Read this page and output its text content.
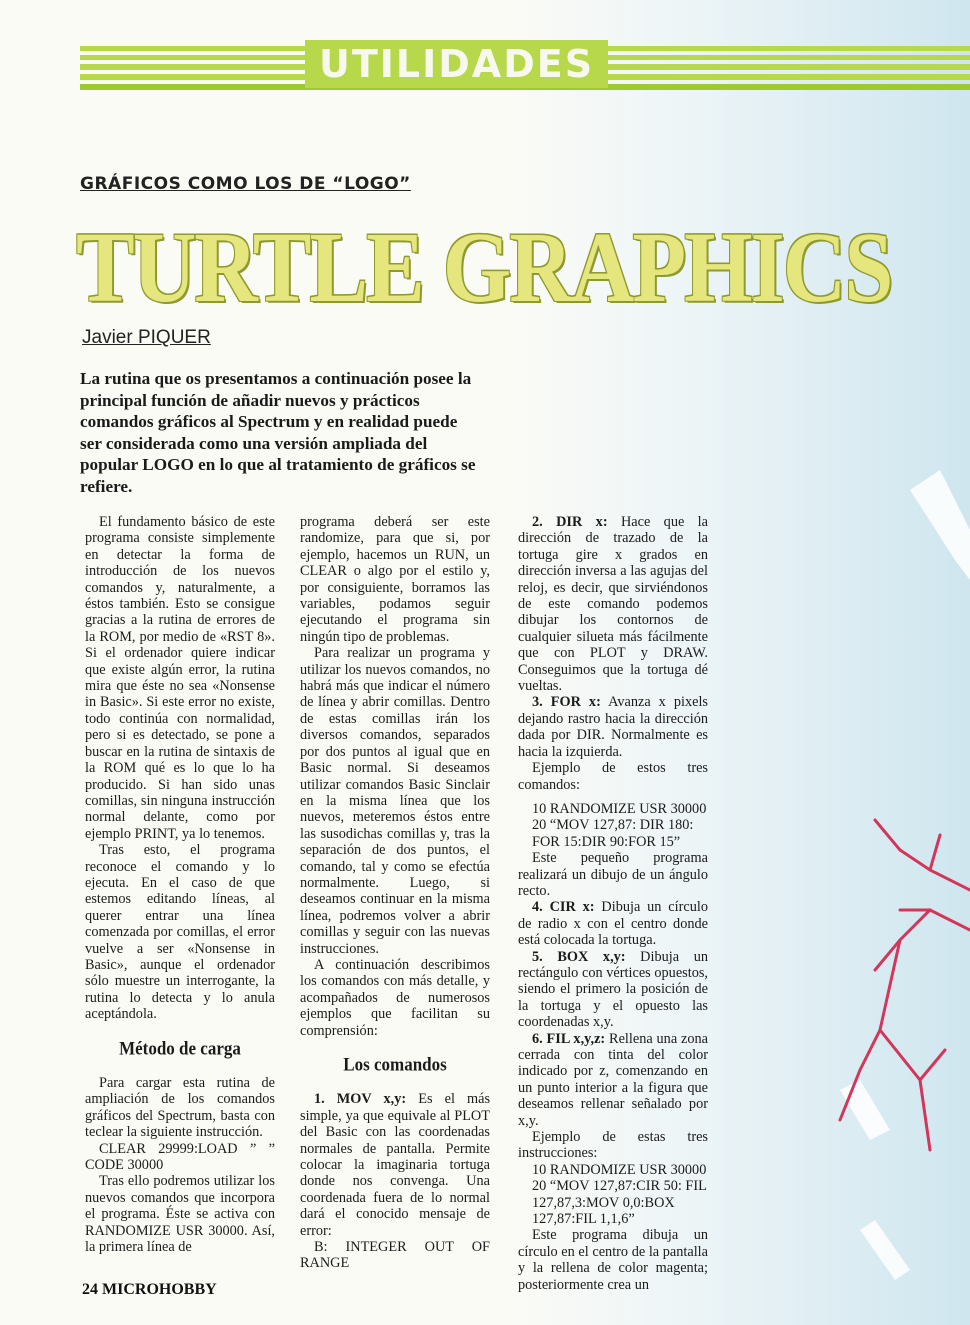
UTILIDADES
GRÁFICOS COMO LOS DE “LOGO”
TURTLE GRAPHICS
Javier PIQUER

La rutina que os presentamos a continuación posee la principal función de añadir nuevos y prácticos comandos gráficos al Spectrum y en realidad puede ser considerada como una versión ampliada del popular LOGO en lo que al tratamiento de gráficos se refiere.

El fundamento básico de este programa consiste simplemente en detectar la forma de introducción de los nuevos comandos y, naturalmente, a éstos también. Esto se consigue gracias a la rutina de errores de la ROM, por medio de «RST 8». Si el ordenador quiere indicar que existe algún error, la rutina mira que éste no sea «Nonsense in Basic». Si este error no existe, todo continúa con normalidad, pero si es detectado, se pone a buscar en la rutina de sintaxis de la ROM qué es lo que lo ha producido. Si han sido unas comillas, sin ninguna instrucción normal delante, como por ejemplo PRINT, ya lo tenemos.

Tras esto, el programa reconoce el comando y lo ejecuta. En el caso de que estemos editando líneas, al querer entrar una línea comenzada por comillas, el error vuelve a ser «Nonsense in Basic», aunque el ordenador sólo muestre un interrogante, la rutina lo detecta y lo anula aceptándola.

Método de carga

Para cargar esta rutina de ampliación de los comandos gráficos del Spectrum, basta con teclear la siguiente instrucción.

CLEAR 29999:LOAD ” ” CODE 30000

Tras ello podremos utilizar los nuevos comandos que incorpora el programa. Éste se activa con RANDOMIZE USR 30000. Así, la primera línea de

programa deberá ser este randomize, para que si, por ejemplo, hacemos un RUN, un CLEAR o algo por el estilo y, por consiguiente, borramos las variables, podamos seguir ejecutando el programa sin ningún tipo de problemas.

Para realizar un programa y utilizar los nuevos comandos, no habrá más que indicar el número de línea y abrir comillas. Dentro de estas comillas irán los diversos comandos, separados por dos puntos al igual que en Basic normal. Si deseamos utilizar comandos Basic Sinclair en la misma línea que los nuevos, meteremos éstos entre las susodichas comillas y, tras la separación de dos puntos, el comando, tal y como se efectúa normalmente. Luego, si deseamos continuar en la misma línea, podremos volver a abrir comillas y seguir con las nuevas instrucciones.

A continuación describimos los comandos con más detalle, y acompañados de numerosos ejemplos que facilitan su comprensión:

Los comandos

1. MOV x,y: Es el más simple, ya que equivale al PLOT del Basic con las coordenadas normales de pantalla. Permite colocar la imaginaria tortuga donde nos convenga. Una coordenada fuera de lo normal dará el conocido mensaje de error:

B: INTEGER OUT OF RANGE

2. DIR x: Hace que la dirección de trazado de la tortuga gire x grados en dirección inversa a las agujas del reloj, es decir, que sirviéndonos de este comando podemos dibujar los contornos de cualquier silueta más fácilmente que con PLOT y DRAW. Conseguimos que la tortuga dé vueltas.

3. FOR x: Avanza x pixels dejando rastro hacia la dirección dada por DIR. Normalmente es hacia la izquierda.

Ejemplo de estos tres comandos:

10 RANDOMIZE USR 30000

20 “MOV 127,87: DIR 180: FOR 15:DIR 90:FOR 15”

Este pequeño programa realizará un dibujo de un ángulo recto.

4. CIR x: Dibuja un círculo de radio x con el centro donde está colocada la tortuga.

5. BOX x,y: Dibuja un rectángulo con vértices opuestos, siendo el primero la posición de la tortuga y el opuesto las coordenadas x,y.

6. FIL x,y,z: Rellena una zona cerrada con tinta del color indicado por z, comenzando en un punto interior a la figura que deseamos rellenar señalado por x,y.

Ejemplo de estas tres instrucciones:

10 RANDOMIZE USR 30000

20 “MOV 127,87:CIR 50: FIL 127,87,3:MOV 0,0:BOX 127,87:FIL 1,1,6”

Este programa dibuja un círculo en el centro de la pantalla y la rellena de color magenta; posteriormente crea un

24 MICROHOBBY
